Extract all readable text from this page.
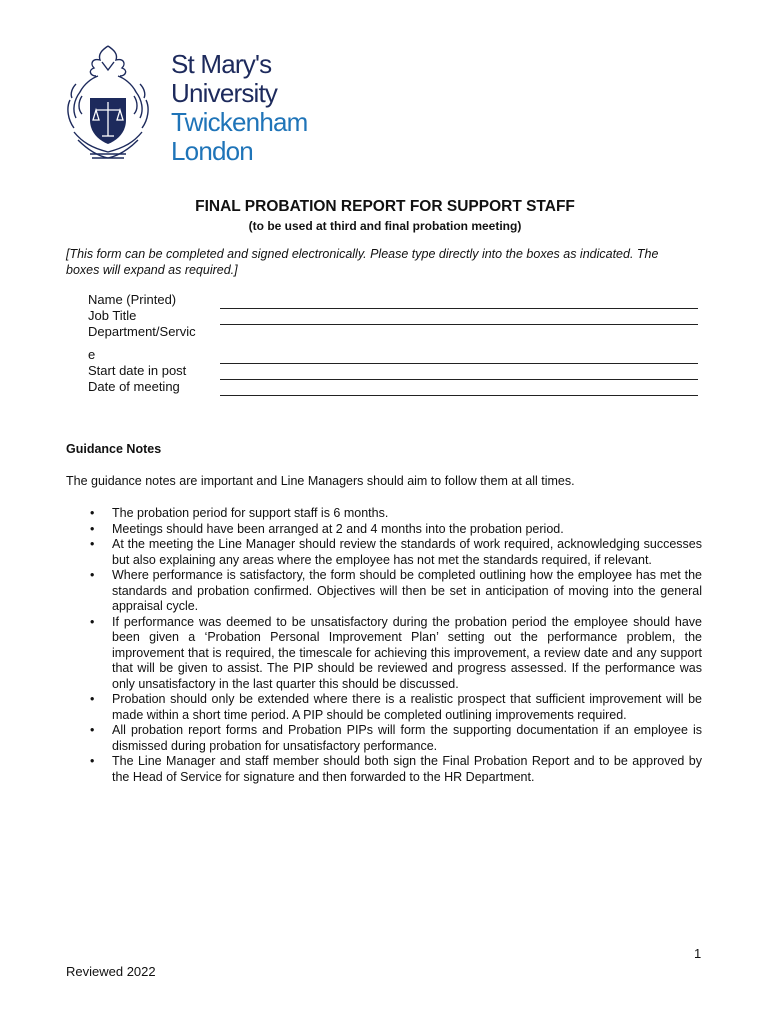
St Mary's
University
Twickenham
London
FINAL PROBATION REPORT FOR SUPPORT STAFF
(to be used at third and final probation meeting)
[This form can be completed and signed electronically. Please type directly into the boxes as indicated. The boxes will expand as required.]
Name (Printed)
Job Title
Department/Servic
e
Start date in post
Date of meeting
Guidance Notes
The guidance notes are important and Line Managers should aim to follow them at all times.
• The probation period for support staff is 6 months.
• Meetings should have been arranged at 2 and 4 months into the probation period.
• At the meeting the Line Manager should review the standards of work required, acknowledging successes but also explaining any areas where the employee has not met the standards required, if relevant.
• Where performance is satisfactory, the form should be completed outlining how the employee has met the standards and probation confirmed. Objectives will then be set in anticipation of moving into the general appraisal cycle.
• If performance was deemed to be unsatisfactory during the probation period the employee should have been given a ‘Probation Personal Improvement Plan’ setting out the performance problem, the improvement that is required, the timescale for achieving this improvement, a review date and any support that will be given to assist. The PIP should be reviewed and progress assessed. If the performance was only unsatisfactory in the last quarter this should be discussed.
• Probation should only be extended where there is a realistic prospect that sufficient improvement will be made within a short time period. A PIP should be completed outlining improvements required.
• All probation report forms and Probation PIPs will form the supporting documentation if an employee is dismissed during probation for unsatisfactory performance.
• The Line Manager and staff member should both sign the Final Probation Report and to be approved by the Head of Service for signature and then forwarded to the HR Department.
1
Reviewed 2022
